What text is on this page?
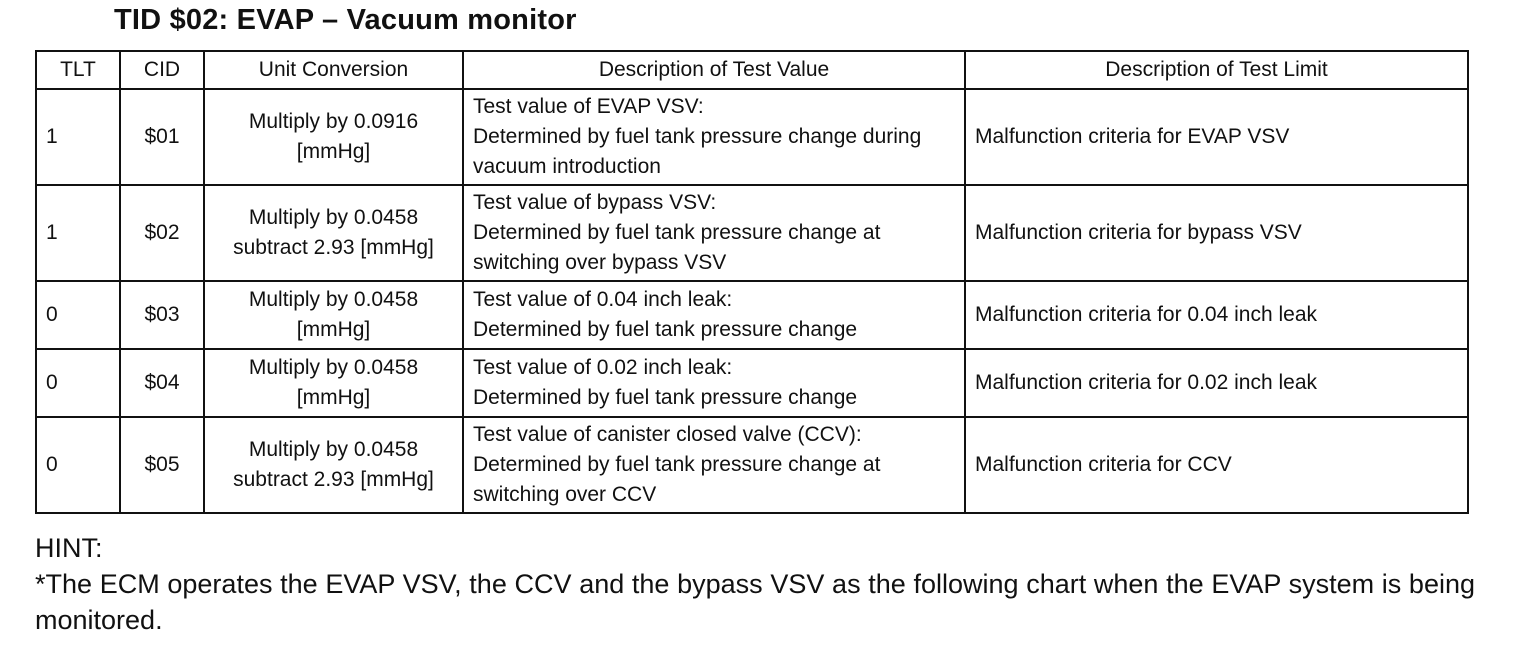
TID $02: EVAP – Vacuum monitor
TLT	CID	Unit Conversion	Description of Test Value	Description of Test Limit
1	$01	Multiply by 0.0916
[mmHg]	Test value of EVAP VSV:
Determined by fuel tank pressure change during
vacuum introduction	Malfunction criteria for EVAP VSV
1	$02	Multiply by 0.0458
subtract 2.93 [mmHg]	Test value of bypass VSV:
Determined by fuel tank pressure change at
switching over bypass VSV	Malfunction criteria for bypass VSV
0	$03	Multiply by 0.0458
[mmHg]	Test value of 0.04 inch leak:
Determined by fuel tank pressure change	Malfunction criteria for 0.04 inch leak
0	$04	Multiply by 0.0458
[mmHg]	Test value of 0.02 inch leak:
Determined by fuel tank pressure change	Malfunction criteria for 0.02 inch leak
0	$05	Multiply by 0.0458
subtract 2.93 [mmHg]	Test value of canister closed valve (CCV):
Determined by fuel tank pressure change at
switching over CCV	Malfunction criteria for CCV
HINT:
*The ECM operates the EVAP VSV, the CCV and the bypass VSV as the following chart when the EVAP system is being monitored.
